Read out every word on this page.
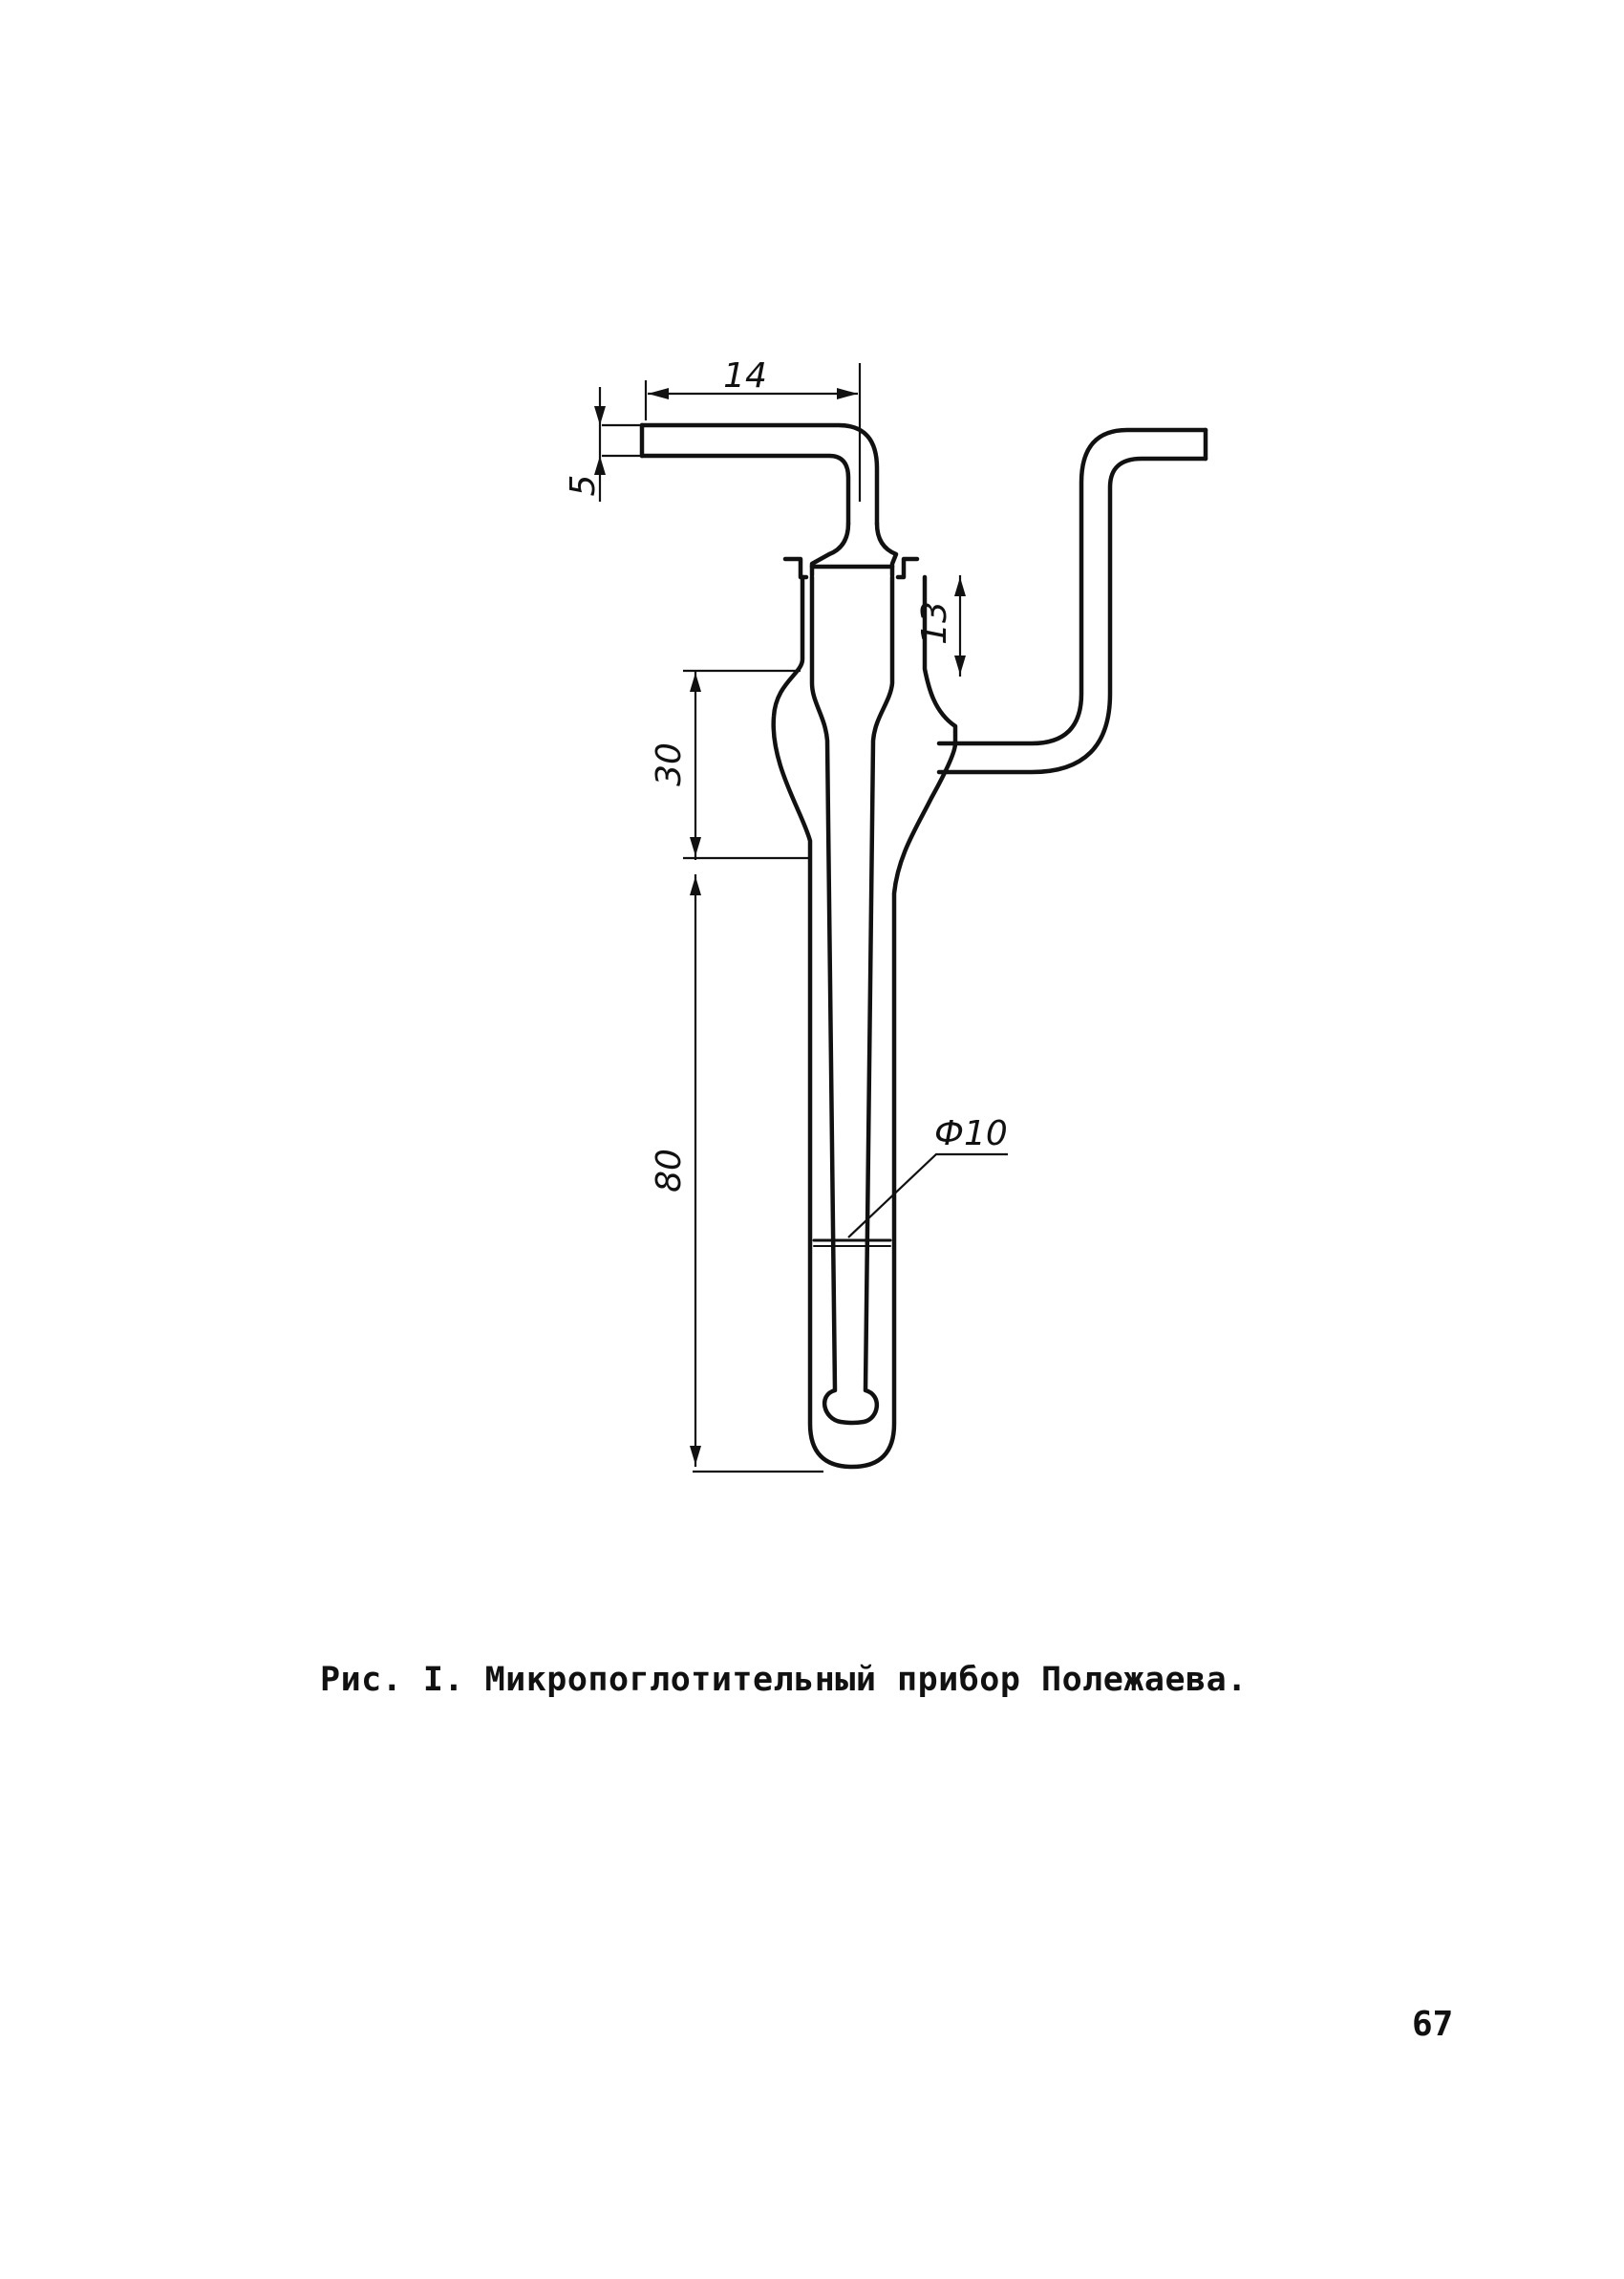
14
5
13
30
80
Ф10
Рис. I. Микропоглотительный прибор Полежаева.
67
